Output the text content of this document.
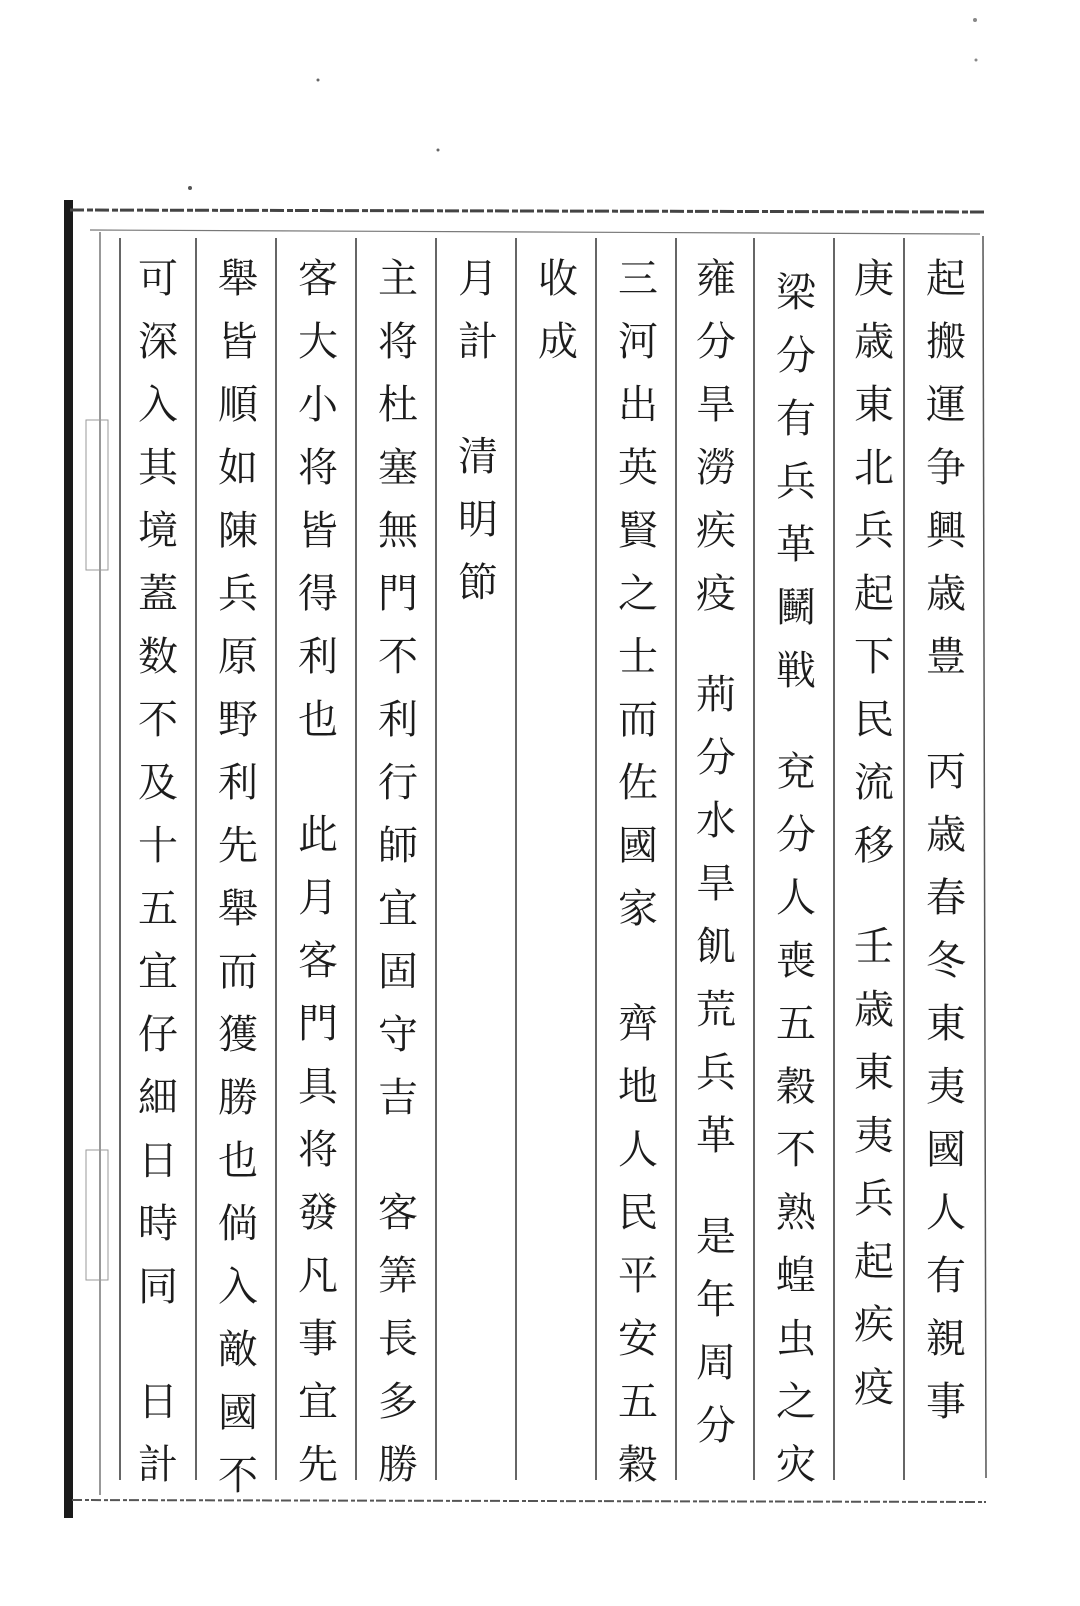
起
搬
運
争
興
歳
豊
丙
歳
春
冬
東
夷
國
人
有
親
事
庚
歳
東
北
兵
起
下
民
流
移
壬
歳
東
夷
兵
起
疾
疫
梁
分
有
兵
革
鬭
戦
兗
分
人
喪
五
穀
不
熟
蝗
虫
之
灾
雍
分
旱
澇
疾
疫
荊
分
水
旱
飢
荒
兵
革
是
年
周
分
三
河
出
英
賢
之
士
而
佐
國
家
齊
地
人
民
平
安
五
穀
收
成
月
計
清
明
節
主
将
杜
塞
無
門
不
利
行
師
宜
固
守
吉
客
筭
長
多
勝
客
大
小
将
皆
得
利
也
此
月
客
門
具
将
發
凡
事
宜
先
舉
皆
順
如
陳
兵
原
野
利
先
舉
而
獲
勝
也
倘
入
敵
國
不
可
深
入
其
境
蓋
数
不
及
十
五
宜
仔
細
日
時
同
日
計
